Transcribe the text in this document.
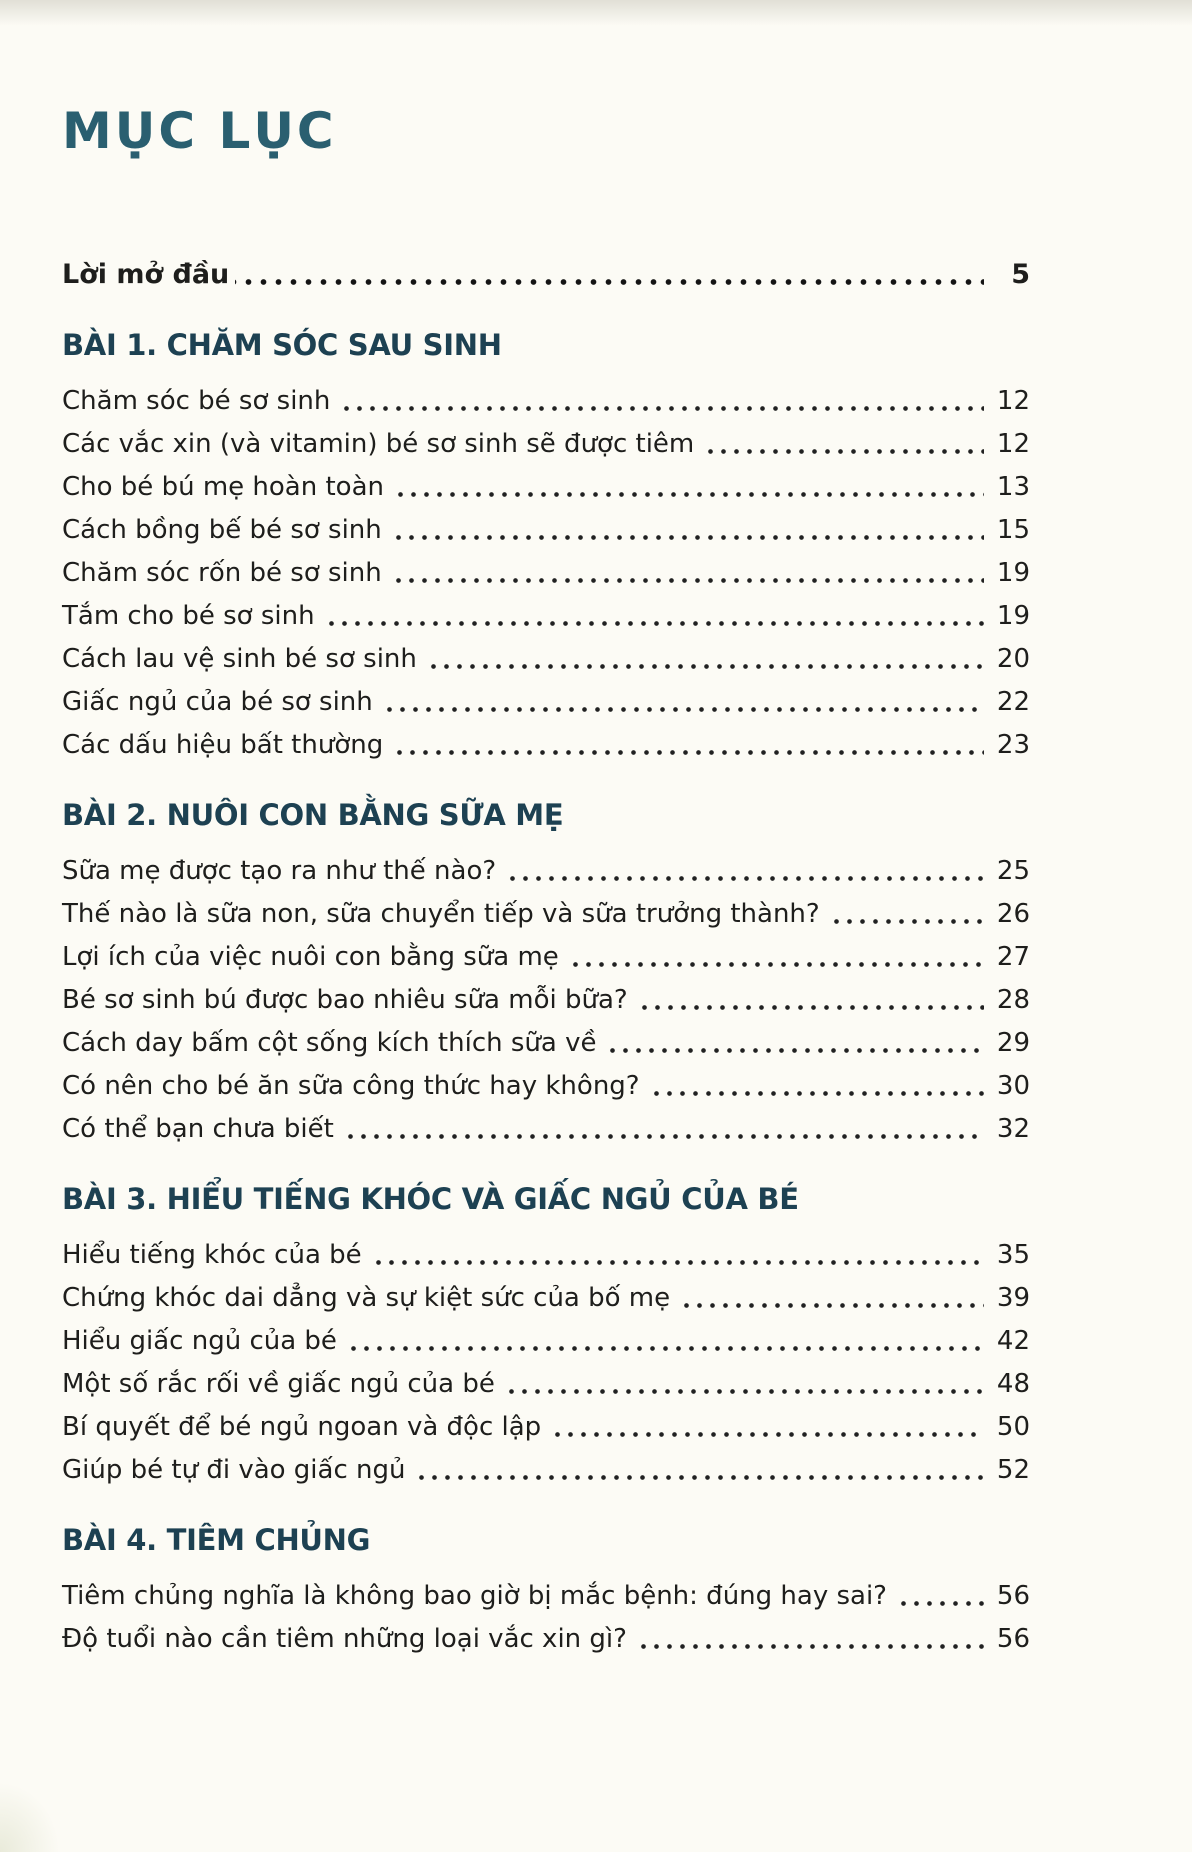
MỤC LỤC
Lời mở đầu	5
BÀI 1. CHĂM SÓC SAU SINH
Chăm sóc bé sơ sinh	12
Các vắc xin (và vitamin) bé sơ sinh sẽ được tiêm	12
Cho bé bú mẹ hoàn toàn	13
Cách bồng bế bé sơ sinh	15
Chăm sóc rốn bé sơ sinh	19
Tắm cho bé sơ sinh	19
Cách lau vệ sinh bé sơ sinh	20
Giấc ngủ của bé sơ sinh	22
Các dấu hiệu bất thường	23
BÀI 2. NUÔI CON BẰNG SỮA MẸ
Sữa mẹ được tạo ra như thế nào?	25
Thế nào là sữa non, sữa chuyển tiếp và sữa trưởng thành?	26
Lợi ích của việc nuôi con bằng sữa mẹ	27
Bé sơ sinh bú được bao nhiêu sữa mỗi bữa?	28
Cách day bấm cột sống kích thích sữa về	29
Có nên cho bé ăn sữa công thức hay không?	30
Có thể bạn chưa biết	32
BÀI 3. HIỂU TIẾNG KHÓC VÀ GIẤC NGỦ CỦA BÉ
Hiểu tiếng khóc của bé	35
Chứng khóc dai dẳng và sự kiệt sức của bố mẹ	39
Hiểu giấc ngủ của bé	42
Một số rắc rối về giấc ngủ của bé	48
Bí quyết để bé ngủ ngoan và độc lập	50
Giúp bé tự đi vào giấc ngủ	52
BÀI 4. TIÊM CHỦNG
Tiêm chủng nghĩa là không bao giờ bị mắc bệnh: đúng hay sai?	56
Độ tuổi nào cần tiêm những loại vắc xin gì?	56
